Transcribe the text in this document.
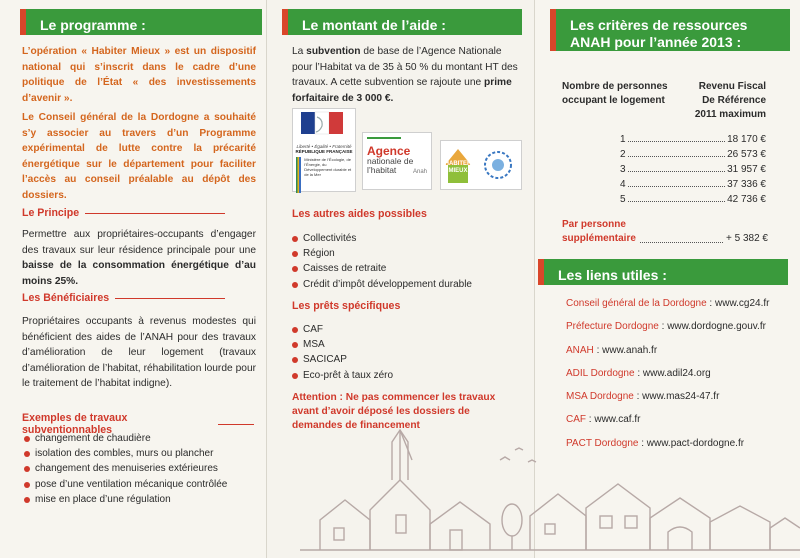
Le programme :
L’opération « Habiter Mieux » est un dispositif national qui s’inscrit dans le cadre d’une politique de l’État « des investissements d’avenir ».
Le Conseil général de la Dordogne a souhaité s’y associer au travers d’un Programme expérimental de lutte contre la précarité énergétique sur le département pour faciliter l’accès au conseil préalable au dépôt des dossiers.
Le Principe
Permettre aux propriétaires-occupants d’engager des travaux sur leur résidence principale pour une baisse de la consommation énergétique d’au moins 25%.
Les Bénéficiaires
Propriétaires occupants à revenus modestes qui bénéficient des aides de l’ANAH pour des travaux d’amélioration de leur logement (travaux d’amélioration de l’habitat, réhabilitation lourde pour le traitement de l’habitat indigne).
Exemples de travaux subventionnables
changement de chaudière
isolation des combles, murs ou plancher
changement des menuiseries extérieures
pose d’une ventilation mécanique contrôlée
mise en place d’une régulation
Le montant de l’aide :
La subvention de base de l’Agence Nationale pour l’Habitat va de 35 à 50 % du montant HT des travaux. A cette subvention se rajoute une prime forfaitaire de 3 000 €.
Liberté • Égalité • Fraternité
RÉPUBLIQUE FRANÇAISE
Ministère de l’Écologie, de l’Énergie, du Développement durable et de la Mer
Agence
nationale de l’habitat	Anah
HABITER MIEUX
Les autres aides possibles
Collectivités
Région
Caisses de retraite
Crédit d’impôt développement durable
Les prêts spécifiques
CAF
MSA
SACICAP
Eco-prêt à taux zéro
Attention : Ne pas commencer les travaux avant d’avoir déposé les dossiers de demandes de financement
Les critères de ressources
ANAH pour l’année 2013 :
Nombre de personnes
occupant le logement
Revenu Fiscal
De Référence
2011 maximum
1	18 170 €
2	26 573 €
3	31 957 €
4	37 336 €
5	42 736 €
Par personne
supplémentaire	+ 5 382 €
Les liens utiles :
Conseil général de la Dordogne : www.cg24.fr
Préfecture Dordogne : www.dordogne.gouv.fr
ANAH : www.anah.fr
ADIL Dordogne : www.adil24.org
MSA Dordogne : www.mas24-47.fr
CAF : www.caf.fr
PACT Dordogne : www.pact-dordogne.fr
